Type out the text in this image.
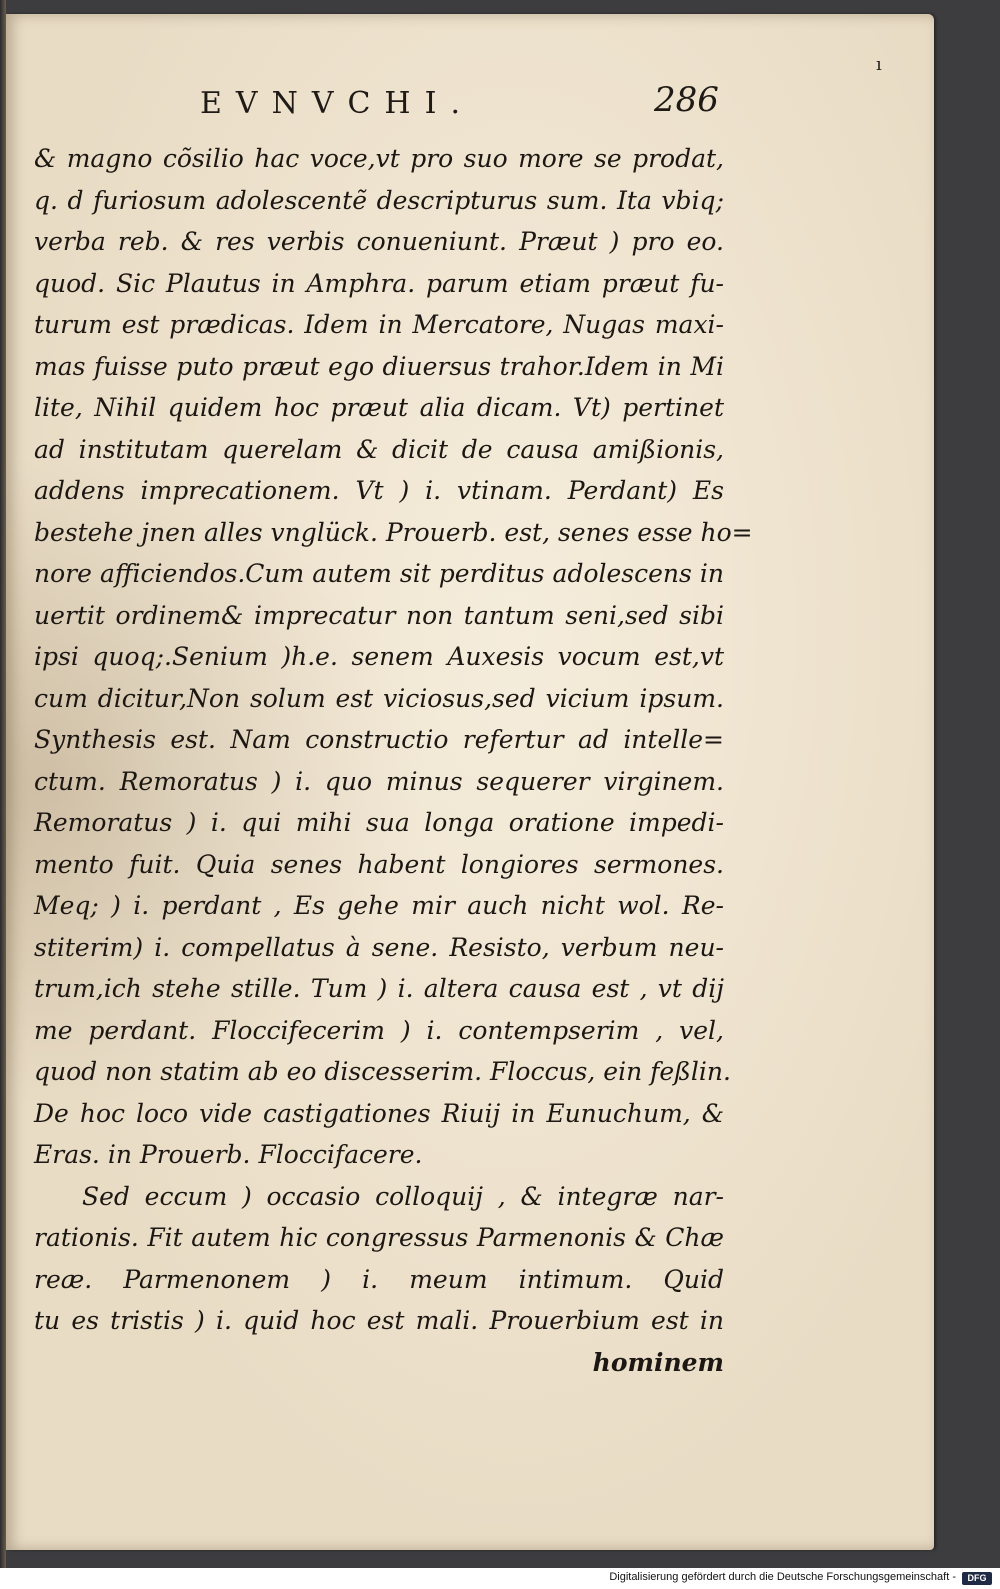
ı
EVNVCHI.	286
& magno cõsilio hac voce,vt pro suo more se prodat,
q. d furiosum adolescentẽ descripturus sum. Ita vbiq;
verba reb. & res verbis conueniunt. Præut ) pro eo.
quod. Sic Plautus in Amphra. parum etiam præut fu-
turum est prædicas. Idem in Mercatore, Nugas maxi-
mas fuisse puto præut ego diuersus trahor.Idem in Mi
lite, Nihil quidem hoc præut alia dicam. Vt) pertinet
ad institutam querelam & dicit de causa amißionis,
addens imprecationem. Vt ) i. vtinam. Perdant) Es
bestehe jnen alles vnglück. Prouerb. est, senes esse ho=
nore afficiendos.Cum autem sit perditus adolescens in
uertit ordinem& imprecatur non tantum seni,sed sibi
ipsi quoq;.Senium )h.e. senem Auxesis vocum est,vt
cum dicitur,Non solum est viciosus,sed vicium ipsum.
Synthesis est. Nam constructio refertur ad intelle=
ctum. Remoratus ) i. quo minus sequerer virginem.
Remoratus ) i. qui mihi sua longa oratione impedi-
mento fuit. Quia senes habent longiores sermones.
Meq; ) i. perdant , Es gehe mir auch nicht wol. Re-
stiterim) i. compellatus à sene. Resisto, verbum neu-
trum,ich stehe stille. Tum ) i. altera causa est , vt dij
me perdant. Floccifecerim ) i. contempserim , vel,
quod non statim ab eo discesserim. Floccus, ein feßlin.
De hoc loco vide castigationes Riuij in Eunuchum, &
Eras. in Prouerb. Floccifacere.
Sed eccum ) occasio colloquij , & integræ nar-
rationis. Fit autem hic congressus Parmenonis & Chæ
reæ. Parmenonem ) i. meum intimum. Quid
tu es tristis ) i. quid hoc est mali. Prouerbium est in
hominem
Digitalisierung gefördert durch die Deutsche Forschungsgemeinschaft -	DFG
